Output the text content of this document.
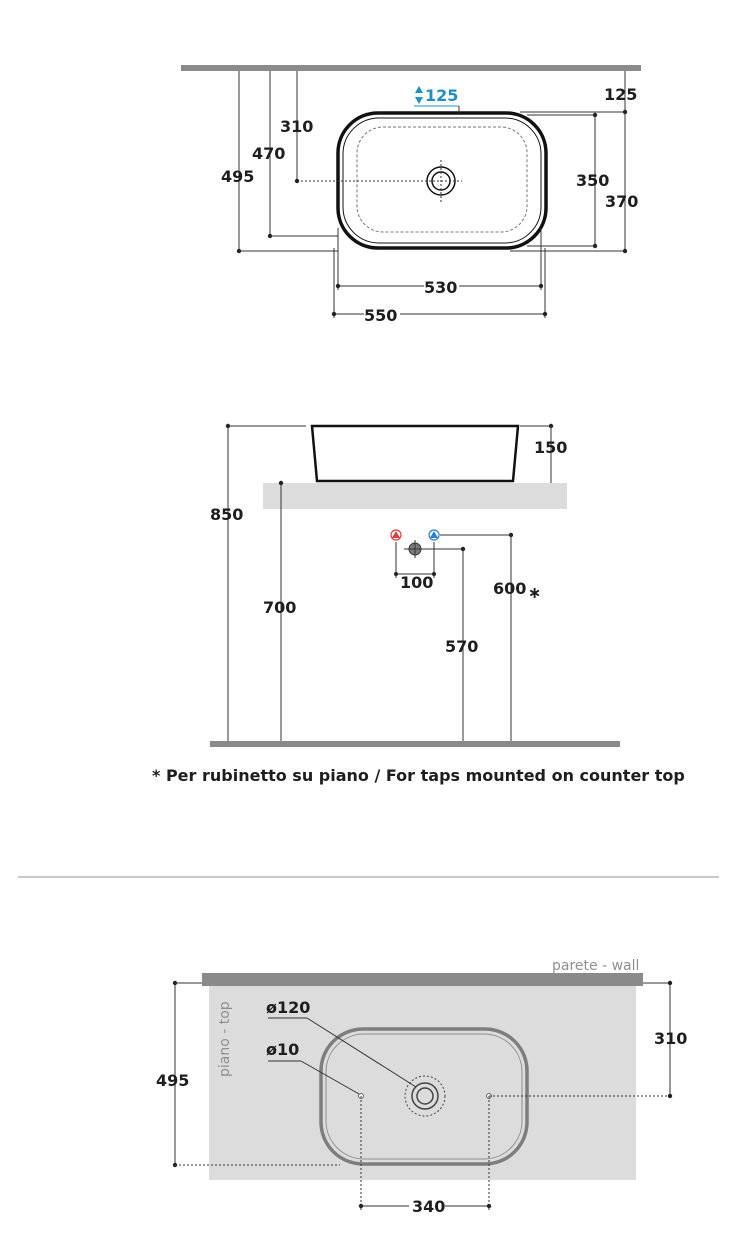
310
470
495
125	125
350
370
530
550
850
150
700
100	600 ∗
570
* Per rubinetto su piano / For taps mounted on counter top
parete - wall
piano - top ø120
ø10
495
310
340
